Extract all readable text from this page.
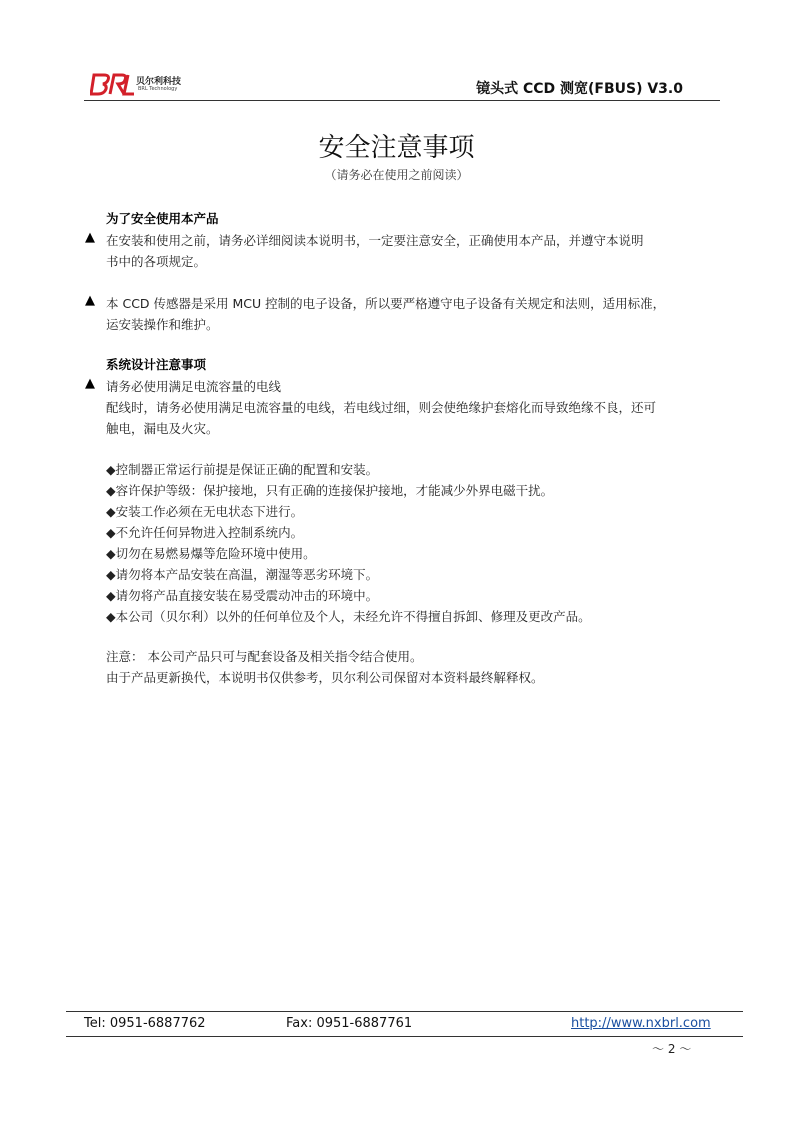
贝尔利科技
BRL Technology	镜头式 CCD 测宽(FBUS) V3.0
安全注意事项
（请务必在使用之前阅读）
为了安全使用本产品
▲ 在安装和使用之前，请务必详细阅读本说明书，一定要注意安全，正确使用本产品，并遵守本说明
书中的各项规定。
▲ 本 CCD 传感器是采用 MCU 控制的电子设备，所以要严格遵守电子设备有关规定和法则，适用标准，
运安装操作和维护。
系统设计注意事项
▲ 请务必使用满足电流容量的电线
配线时，请务必使用满足电流容量的电线，若电线过细，则会使绝缘护套熔化而导致绝缘不良，还可
触电，漏电及火灾。
◆控制器正常运行前提是保证正确的配置和安装。
◆容许保护等级：保护接地，只有正确的连接保护接地，才能减少外界电磁干扰。
◆安装工作必须在无电状态下进行。
◆不允许任何异物进入控制系统内。
◆切勿在易燃易爆等危险环境中使用。
◆请勿将本产品安装在高温，潮湿等恶劣环境下。
◆请勿将产品直接安装在易受震动冲击的环境中。
◆本公司（贝尔利）以外的任何单位及个人，未经允许不得擅自拆卸、修理及更改产品。
注意： 本公司产品只可与配套设备及相关指令结合使用。
由于产品更新换代，本说明书仅供参考，贝尔利公司保留对本资料最终解释权。
Tel: 0951-6887762	Fax: 0951-6887761	http://www.nxbrl.com
～ 2 ～
